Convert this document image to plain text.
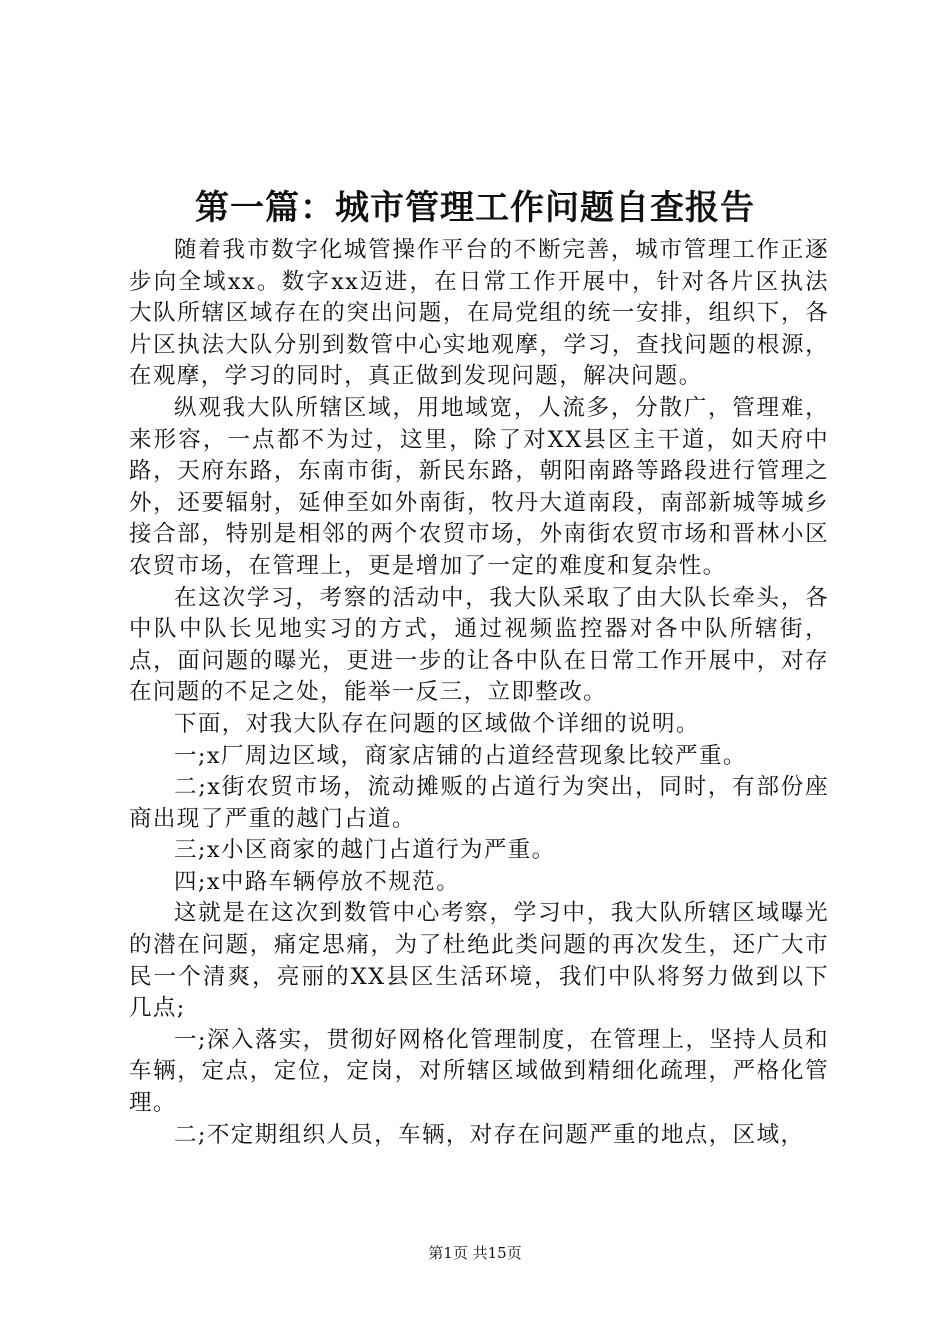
第一篇：城市管理工作问题自查报告

随着我市数字化城管操作平台的不断完善，城市管理工作正逐步向全域xx。数字xx迈进，在日常工作开展中，针对各片区执法大队所辖区域存在的突出问题，在局党组的统一安排，组织下，各片区执法大队分别到数管中心实地观摩，学习，查找问题的根源，在观摩，学习的同时，真正做到发现问题，解决问题。

纵观我大队所辖区域，用地域宽，人流多，分散广，管理难，来形容，一点都不为过，这里，除了对XX县区主干道，如天府中路，天府东路，东南市街，新民东路，朝阳南路等路段进行管理之外，还要辐射，延伸至如外南街，牧丹大道南段，南部新城等城乡接合部，特别是相邻的两个农贸市场，外南街农贸市场和晋林小区农贸市场，在管理上，更是增加了一定的难度和复杂性。

在这次学习，考察的活动中，我大队采取了由大队长牵头，各中队中队长见地实习的方式，通过视频监控器对各中队所辖街，点，面问题的曝光，更进一步的让各中队在日常工作开展中，对存在问题的不足之处，能举一反三，立即整改。

下面，对我大队存在问题的区域做个详细的说明。

一;x厂周边区域，商家店铺的占道经营现象比较严重。

二;x街农贸市场，流动摊贩的占道行为突出，同时，有部份座商出现了严重的越门占道。

三;x小区商家的越门占道行为严重。

四;x中路车辆停放不规范。

这就是在这次到数管中心考察，学习中，我大队所辖区域曝光的潜在问题，痛定思痛，为了杜绝此类问题的再次发生，还广大市民一个清爽，亮丽的XX县区生活环境，我们中队将努力做到以下几点;

一;深入落实，贯彻好网格化管理制度，在管理上，坚持人员和车辆，定点，定位，定岗，对所辖区域做到精细化疏理，严格化管理。

二;不定期组织人员，车辆，对存在问题严重的地点，区域，

第1页 共15页
